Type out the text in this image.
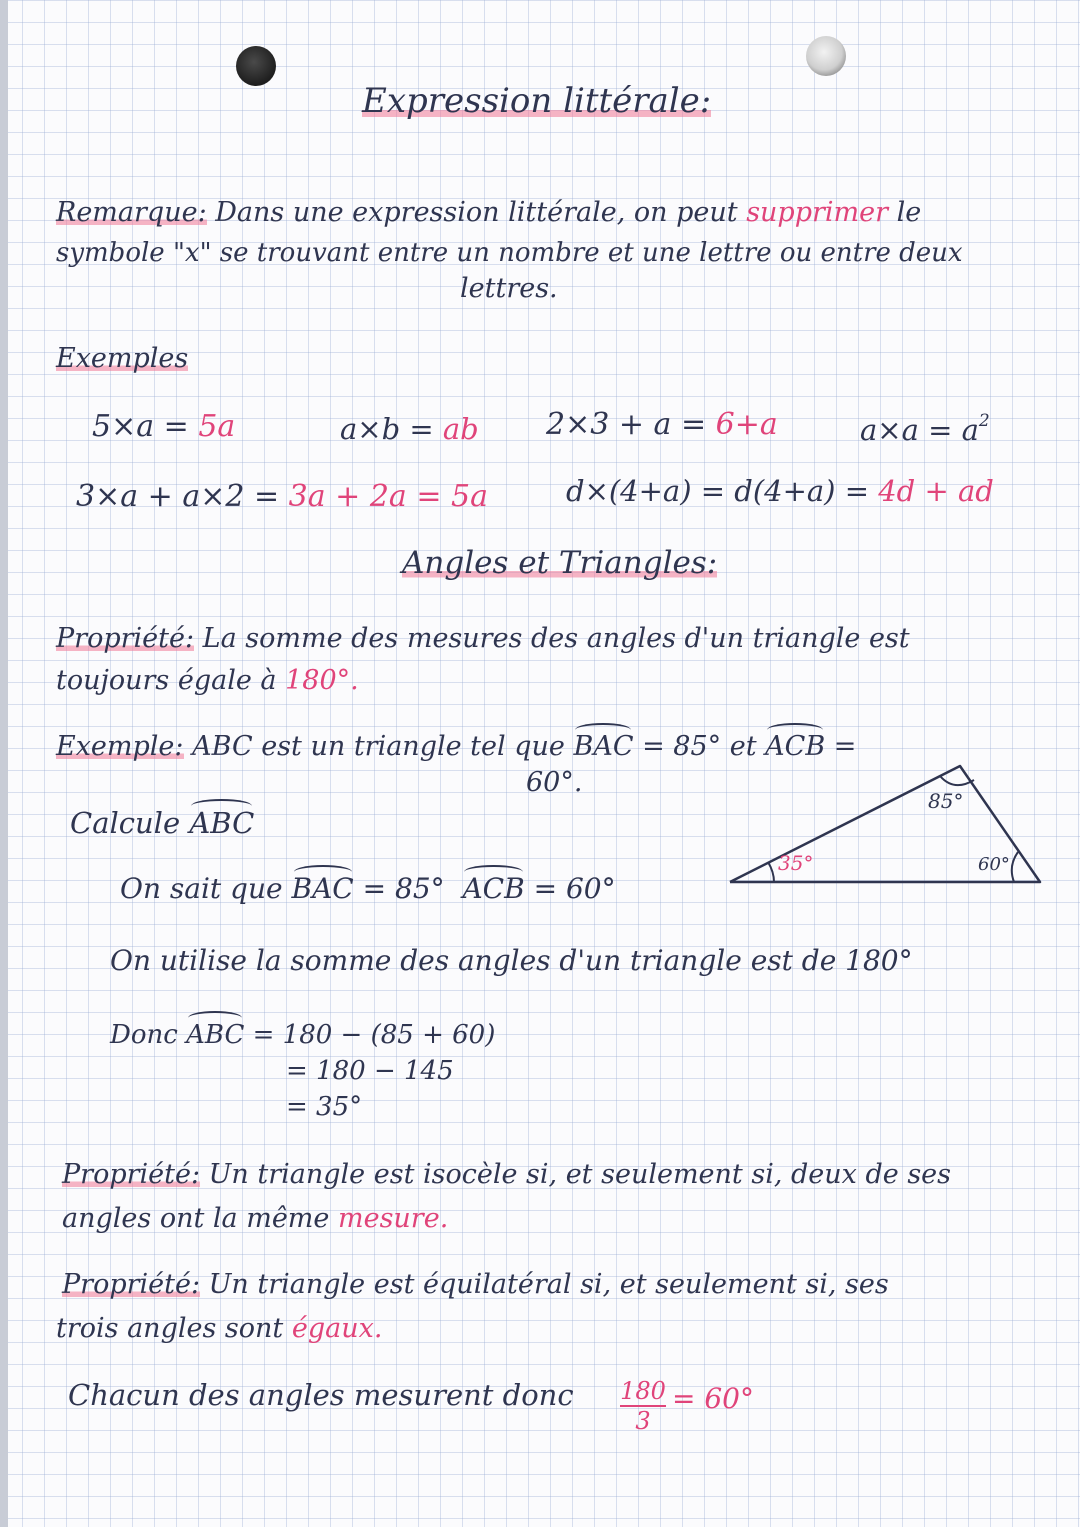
Expression littérale:
Remarque: Dans une expression littérale, on peut supprimer le
symbole "x" se trouvant entre un nombre et une lettre ou entre deux
lettres.
Exemples
5×a = 5a	a×b = ab 2×3 + a = 6+a	$a\times a = a^2$
3×a + a×2 = 3a + 2a = 5a	d×(4+a) = d(4+a) = 4d + ad
Angles et Triangles:
Propriété: La somme des mesures des angles d'un triangle est
toujours égale à 180°.
Exemple: ABC est un triangle tel que BAC = 85° et ACB =
60°.
Calcule ABC
85°
35°	60°
On sait que BAC = 85° ACB = 60°
On utilise la somme des angles d'un triangle est de 180°
Donc ABC = 180 − (85 + 60)
= 180 − 145
= 35°
Propriété: Un triangle est isocèle si, et seulement si, deux de ses
angles ont la même mesure.
Propriété: Un triangle est équilatéral si, et seulement si, ses
trois angles sont égaux.
Chacun des angles mesurent donc 180
3
= 60°
